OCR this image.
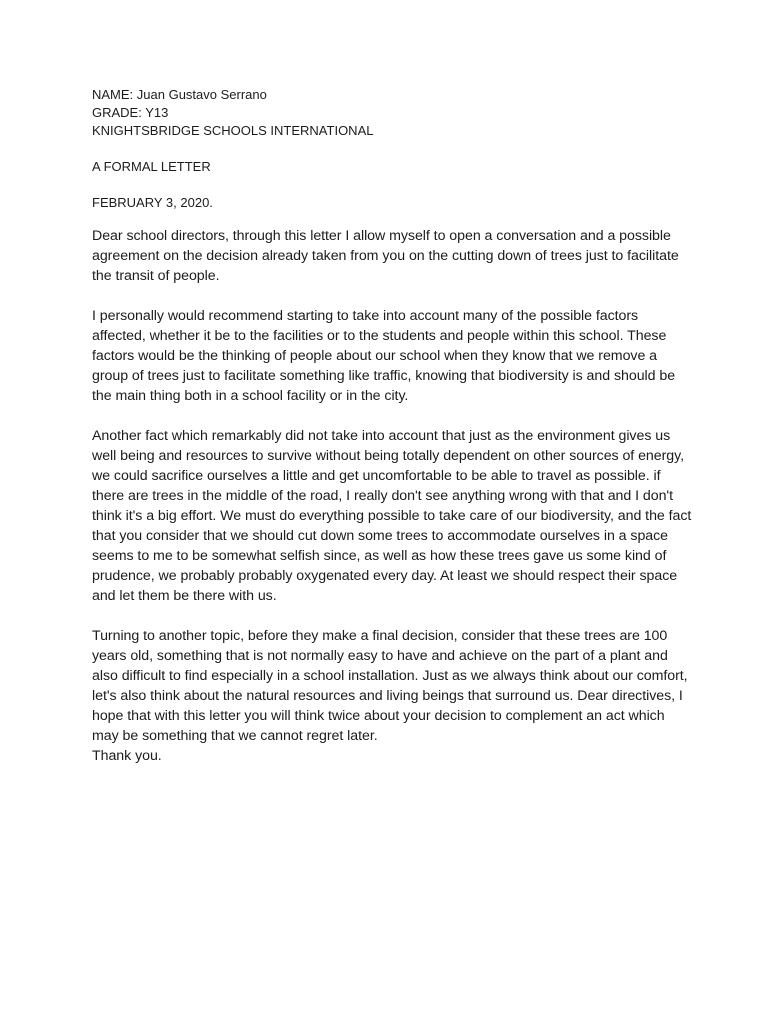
NAME: Juan Gustavo Serrano

GRADE: Y13

KNIGHTSBRIDGE SCHOOLS INTERNATIONAL

A FORMAL LETTER

FEBRUARY 3, 2020.

Dear school directors, through this letter I allow myself to open a conversation and a possible agreement on the decision already taken from you on the cutting down of trees just to facilitate the transit of people.

I personally would recommend starting to take into account many of the possible factors affected, whether it be to the facilities or to the students and people within this school. These factors would be the thinking of people about our school when they know that we remove a group of trees just to facilitate something like traffic, knowing that biodiversity is and should be the main thing both in a school facility or in the city.

Another fact which remarkably did not take into account that just as the environment gives us well being and resources to survive without being totally dependent on other sources of energy, we could sacrifice ourselves a little and get uncomfortable to be able to travel as possible. if there are trees in the middle of the road, I really don't see anything wrong with that and I don't think it's a big effort. We must do everything possible to take care of our biodiversity, and the fact that you consider that we should cut down some trees to accommodate ourselves in a space seems to me to be somewhat selfish since, as well as how these trees gave us some kind of prudence, we probably probably oxygenated every day. At least we should respect their space and let them be there with us.

Turning to another topic, before they make a final decision, consider that these trees are 100 years old, something that is not normally easy to have and achieve on the part of a plant and also difficult to find especially in a school installation. Just as we always think about our comfort, let's also think about the natural resources and living beings that surround us. Dear directives, I hope that with this letter you will think twice about your decision to complement an act which may be something that we cannot regret later.

Thank you.
